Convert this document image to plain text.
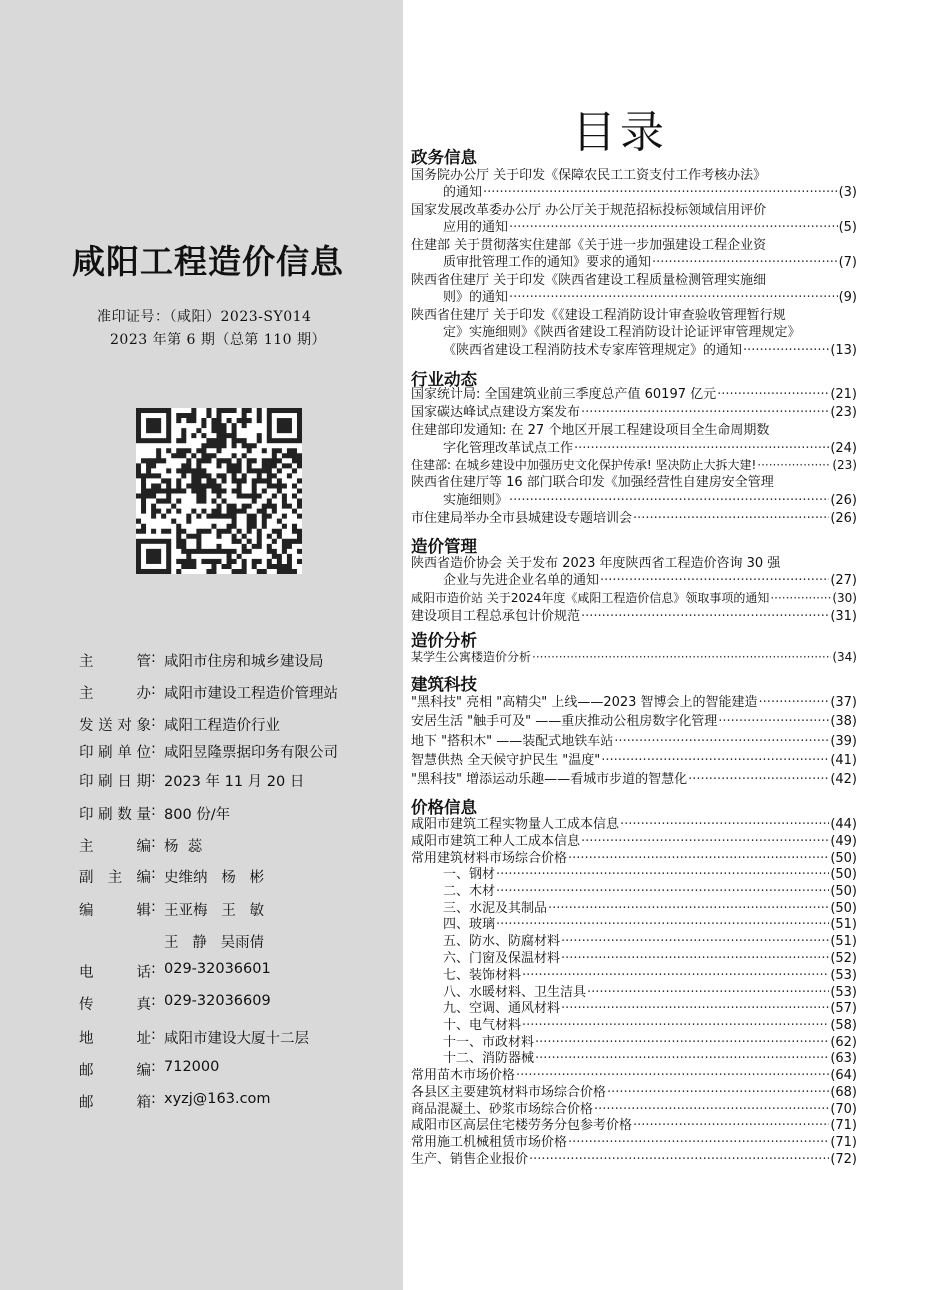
咸阳工程造价信息
准印证号：（咸阳）2023-SY014
2023 年第 6 期（总第 110 期）
主管 : 咸阳市住房和城乡建设局
主办 : 咸阳市建设工程造价管理站
发送对象 : 咸阳工程造价行业
印刷单位 : 咸阳昱隆票据印务有限公司
印刷日期 : 2023 年 11 月 20 日
印刷数量 : 800 份/年
主编 : 杨  蕊
副主编 : 史维纳   杨   彬
编辑 : 王亚梅   王   敏
王   静   吴雨倩
电话 : 029-32036601
传真 : 029-32036609
地址 : 咸阳市建设大厦十二层
邮编 : 712000
邮箱 : xyzj@163.com
目录
政务信息
行业动态
造价管理
造价分析
建筑科技
价格信息
国务院办公厅 关于印发《保障农民工工资支付工作考核办法》
的通知 ·····	(3)
国家发展改革委办公厅 办公厅关于规范招标投标领域信用评价
应用的通知 ·····	(5)
住建部 关于贯彻落实住建部《关于进一步加强建设工程企业资
质审批管理工作的通知》要求的通知 ·····	(7)
陕西省住建厅 关于印发《陕西省建设工程质量检测管理实施细
则》的通知 ·····	(9)
陕西省住建厅 关于印发《《建设工程消防设计审查验收管理暂行规
定》实施细则》《陕西省建设工程消防设计论证评审管理规定》
《陕西省建设工程消防技术专家库管理规定》的通知 ·····	(13)
国家统计局: 全国建筑业前三季度总产值 60197 亿元 ·····	(21)
国家碳达峰试点建设方案发布 ·····	(23)
住建部印发通知: 在 27 个地区开展工程建设项目全生命周期数
字化管理改革试点工作 ·····	(24)
住建部: 在城乡建设中加强历史文化保护传承! 坚决防止大拆大建! ·····	(23)
陕西省住建厅等 16 部门联合印发《加强经营性自建房安全管理
实施细则》 ·····	(26)
市住建局举办全市县城建设专题培训会 ·····	(26)
陕西省造价协会 关于发布 2023 年度陕西省工程造价咨询 30 强
企业与先进企业名单的通知 ·····	(27)
咸阳市造价站 关于2024年度《咸阳工程造价信息》领取事项的通知 ·····	(30)
建设项目工程总承包计价规范 ·····	(31)
某学生公寓楼造价分析 ·····	(34)
"黑科技" 亮相 "高精尖" 上线——2023 智博会上的智能建造 ·····	(37)
安居生活 "触手可及" ——重庆推动公租房数字化管理 ·····	(38)
地下 "搭积木" ——装配式地铁车站 ·····	(39)
智慧供热 全天候守护民生 "温度" ·····	(41)
"黑科技" 增添运动乐趣——看城市步道的智慧化 ·····	(42)
咸阳市建筑工程实物量人工成本信息 ·····	(44)
咸阳市建筑工种人工成本信息 ·····	(49)
常用建筑材料市场综合价格 ·····	(50)
一、钢材 ·····	(50)
二、木材 ·····	(50)
三、水泥及其制品 ·····	(50)
四、玻璃 ·····	(51)
五、防水、防腐材料 ·····	(51)
六、门窗及保温材料 ·····	(52)
七、装饰材料 ·····	(53)
八、水暖材料、卫生洁具 ·····	(53)
九、空调、通风材料 ·····	(57)
十、电气材料 ·····	(58)
十一、市政材料 ·····	(62)
十二、消防器械 ·····	(63)
常用苗木市场价格 ·····	(64)
各县区主要建筑材料市场综合价格 ·····	(68)
商品混凝土、砂浆市场综合价格 ·····	(70)
咸阳市区高层住宅楼劳务分包参考价格 ·····	(71)
常用施工机械租赁市场价格 ·····	(71)
生产、销售企业报价 ·····	(72)
